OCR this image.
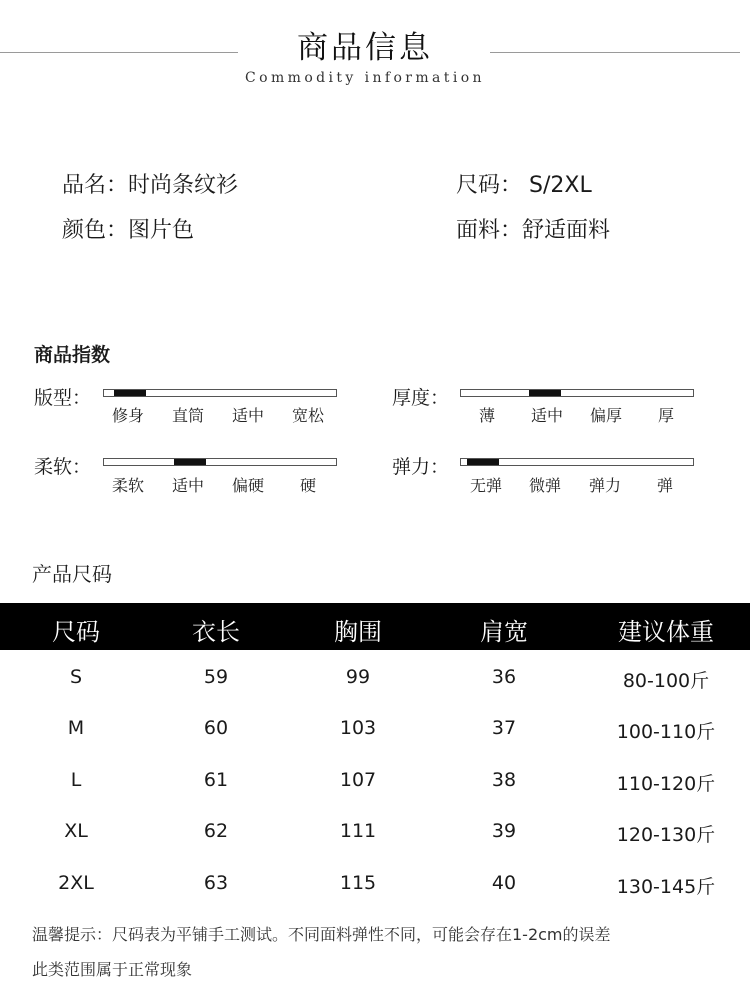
商品信息
Commodity information
品名：时尚条纹衫	尺码： S/2XL
颜色：图片色	面料：舒适面料
商品指数
版型：
修身 直筒 适中 宽松
厚度：
薄 适中 偏厚 厚
柔软：
柔软 适中 偏硬 硬
弹力：
无弹 微弹 弹力 弹
产品尺码
尺码	衣长	胸围	肩宽	建议体重
S	59	99	36	80-100斤
M	60	103	37	100-110斤
L	61	107	38	110-120斤
XL	62	111	39	120-130斤
2XL	63	115	40	130-145斤
温馨提示：尺码表为平铺手工测试。不同面料弹性不同，可能会存在1-2cm的误差
此类范围属于正常现象
